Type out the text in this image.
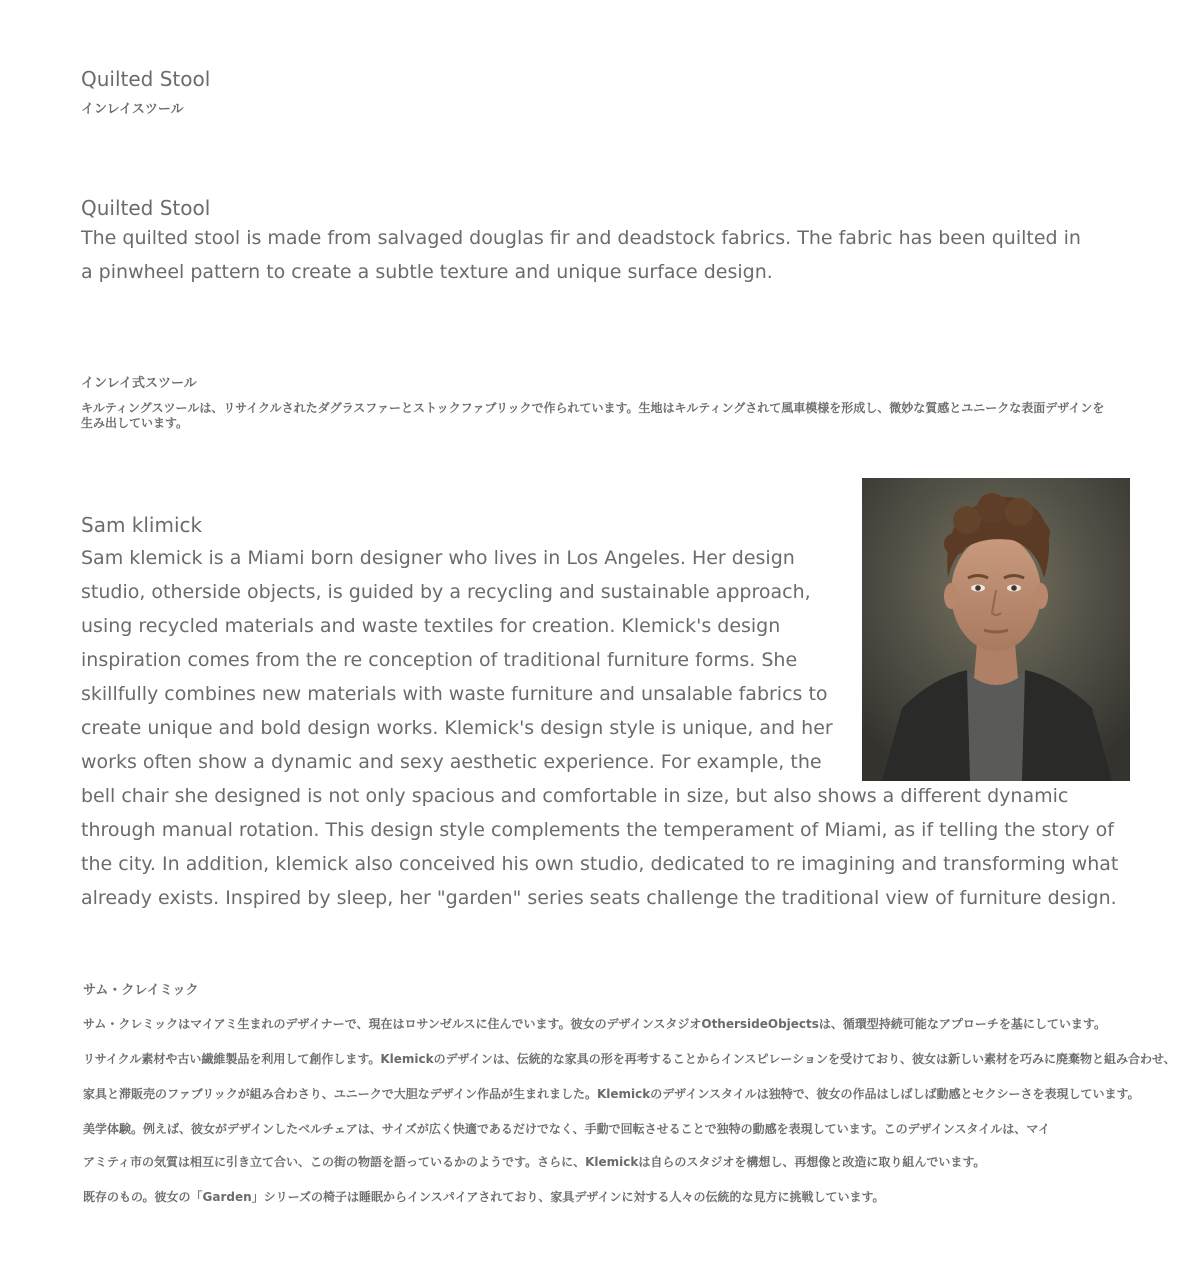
Quilted Stool
インレイスツール
Quilted Stool

The quilted stool is made from salvaged douglas fir and deadstock fabrics. The fabric has been quilted in a pinwheel pattern to create a subtle texture and unique surface design.

インレイ式スツール

キルティングスツールは、リサイクルされたダグラスファーとストックファブリックで作られています。生地はキルティングされて風車模様を形成し、微妙な質感とユニークな表面デザインを生み出しています。

Sam klimick
Sam klemick is a Miami born designer who lives in Los Angeles. Her design studio, otherside objects, is guided by a recycling and sustainable approach, using recycled materials and waste textiles for creation. Klemick's design inspiration comes from the re conception of traditional furniture forms. She skillfully combines new materials with waste furniture and unsalable fabrics to create unique and bold design works. Klemick's design style is unique, and her works often show a dynamic and sexy aesthetic experience. For example, the bell chair she designed is not only spacious and comfortable in size, but also shows a different dynamic through manual rotation. This design style complements the temperament of Miami, as if telling the story of the city. In addition, klemick also conceived his own studio, dedicated to re imagining and transforming what already exists. Inspired by sleep, her "garden" series seats challenge the traditional view of furniture design.
サム・クレイミック
サム・クレミックはマイアミ生まれのデザイナーで、現在はロサンゼルスに住んでいます。彼女のデザインスタジオOthersideObjectsは、循環型持続可能なアプローチを基にしています。
リサイクル素材や古い繊維製品を利用して創作します。Klemickのデザインは、伝統的な家具の形を再考することからインスピレーションを受けており、彼女は新しい素材を巧みに廃棄物と組み合わせ、
家具と滞販売のファブリックが組み合わさり、ユニークで大胆なデザイン作品が生まれました。Klemickのデザインスタイルは独特で、彼女の作品はしばしば動感とセクシーさを表現しています。
美学体験。例えば、彼女がデザインしたベルチェアは、サイズが広く快適であるだけでなく、手動で回転させることで独特の動感を表現しています。このデザインスタイルは、マイ
アミティ市の気質は相互に引き立て合い、この街の物語を語っているかのようです。さらに、Klemickは自らのスタジオを構想し、再想像と改造に取り組んでいます。
既存のもの。彼女の「Garden」シリーズの椅子は睡眠からインスパイアされており、家具デザインに対する人々の伝統的な見方に挑戦しています。
